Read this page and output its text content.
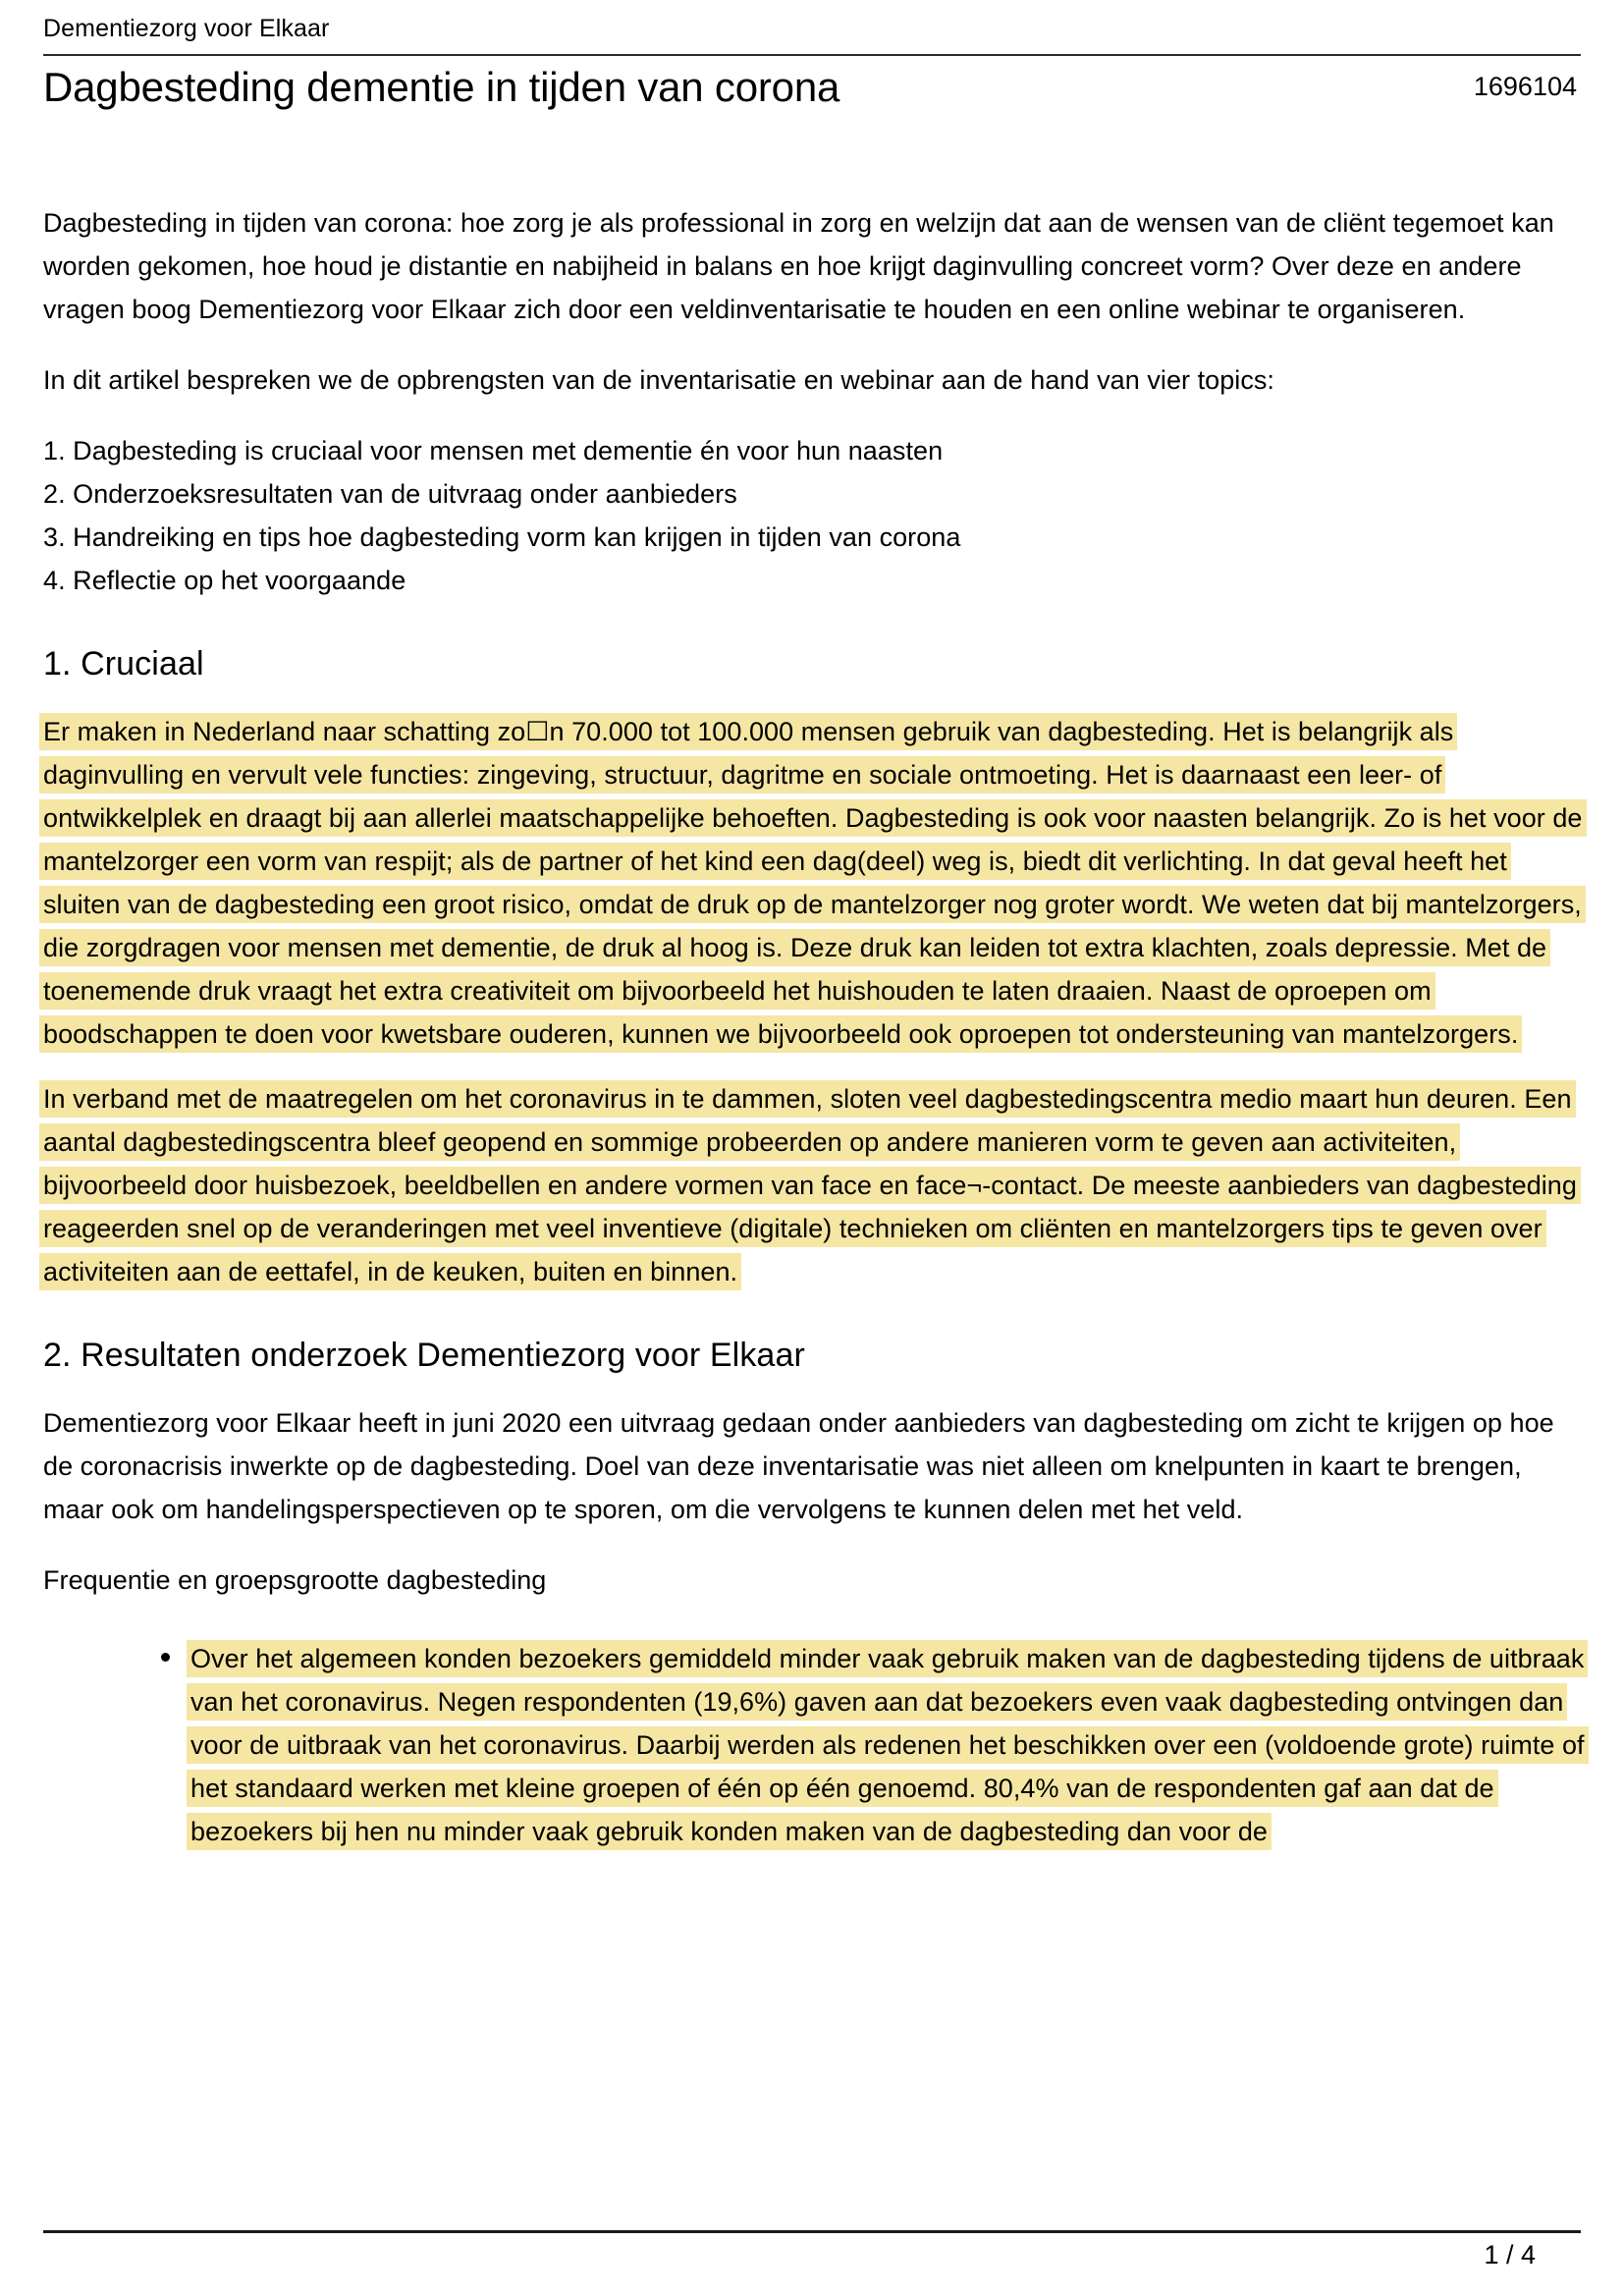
Dementiezorg voor Elkaar
Dagbesteding dementie in tijden van corona	1696104

Dagbesteding in tijden van corona: hoe zorg je als professional in zorg en welzijn dat aan de wensen van de cliënt tegemoet kan worden gekomen, hoe houd je distantie en nabijheid in balans en hoe krijgt daginvulling concreet vorm? Over deze en andere vragen boog Dementiezorg voor Elkaar zich door een veldinventarisatie te houden en een online webinar te organiseren.

In dit artikel bespreken we de opbrengsten van de inventarisatie en webinar aan de hand van vier topics:

1. Dagbesteding is cruciaal voor mensen met dementie én voor hun naasten
2. Onderzoeksresultaten van de uitvraag onder aanbieders
3. Handreiking en tips hoe dagbesteding vorm kan krijgen in tijden van corona
4. Reflectie op het voorgaande
1. Cruciaal

Er maken in Nederland naar schatting zo☐n 70.000 tot 100.000 mensen gebruik van dagbesteding. Het is belangrijk als daginvulling en vervult vele functies: zingeving, structuur, dagritme en sociale ontmoeting. Het is daarnaast een leer- of ontwikkelplek en draagt bij aan allerlei maatschappelijke behoeften. Dagbesteding is ook voor naasten belangrijk. Zo is het voor de mantelzorger een vorm van respijt; als de partner of het kind een dag(deel) weg is, biedt dit verlichting. In dat geval heeft het sluiten van de dagbesteding een groot risico, omdat de druk op de mantelzorger nog groter wordt. We weten dat bij mantelzorgers, die zorgdragen voor mensen met dementie, de druk al hoog is. Deze druk kan leiden tot extra klachten, zoals depressie. Met de toenemende druk vraagt het extra creativiteit om bijvoorbeeld het huishouden te laten draaien. Naast de oproepen om boodschappen te doen voor kwetsbare ouderen, kunnen we bijvoorbeeld ook oproepen tot ondersteuning van mantelzorgers.

In verband met de maatregelen om het coronavirus in te dammen, sloten veel dagbestedingscentra medio maart hun deuren. Een aantal dagbestedingscentra bleef geopend en sommige probeerden op andere manieren vorm te geven aan activiteiten, bijvoorbeeld door huisbezoek, beeldbellen en andere vormen van face en face¬-contact. De meeste aanbieders van dagbesteding reageerden snel op de veranderingen met veel inventieve (digitale) technieken om cliënten en mantelzorgers tips te geven over activiteiten aan de eettafel, in de keuken, buiten en binnen.

2. Resultaten onderzoek Dementiezorg voor Elkaar

Dementiezorg voor Elkaar heeft in juni 2020 een uitvraag gedaan onder aanbieders van dagbesteding om zicht te krijgen op hoe de coronacrisis inwerkte op de dagbesteding. Doel van deze inventarisatie was niet alleen om knelpunten in kaart te brengen, maar ook om handelingsperspectieven op te sporen, om die vervolgens te kunnen delen met het veld.

Frequentie en groepsgrootte dagbesteding
Over het algemeen konden bezoekers gemiddeld minder vaak gebruik maken van de dagbesteding tijdens de uitbraak van het coronavirus. Negen respondenten (19,6%) gaven aan dat bezoekers even vaak dagbesteding ontvingen dan voor de uitbraak van het coronavirus. Daarbij werden als redenen het beschikken over een (voldoende grote) ruimte of het standaard werken met kleine groepen of één op één genoemd. 80,4% van de respondenten gaf aan dat de bezoekers bij hen nu minder vaak gebruik konden maken van de dagbesteding dan voor de
1 / 4
